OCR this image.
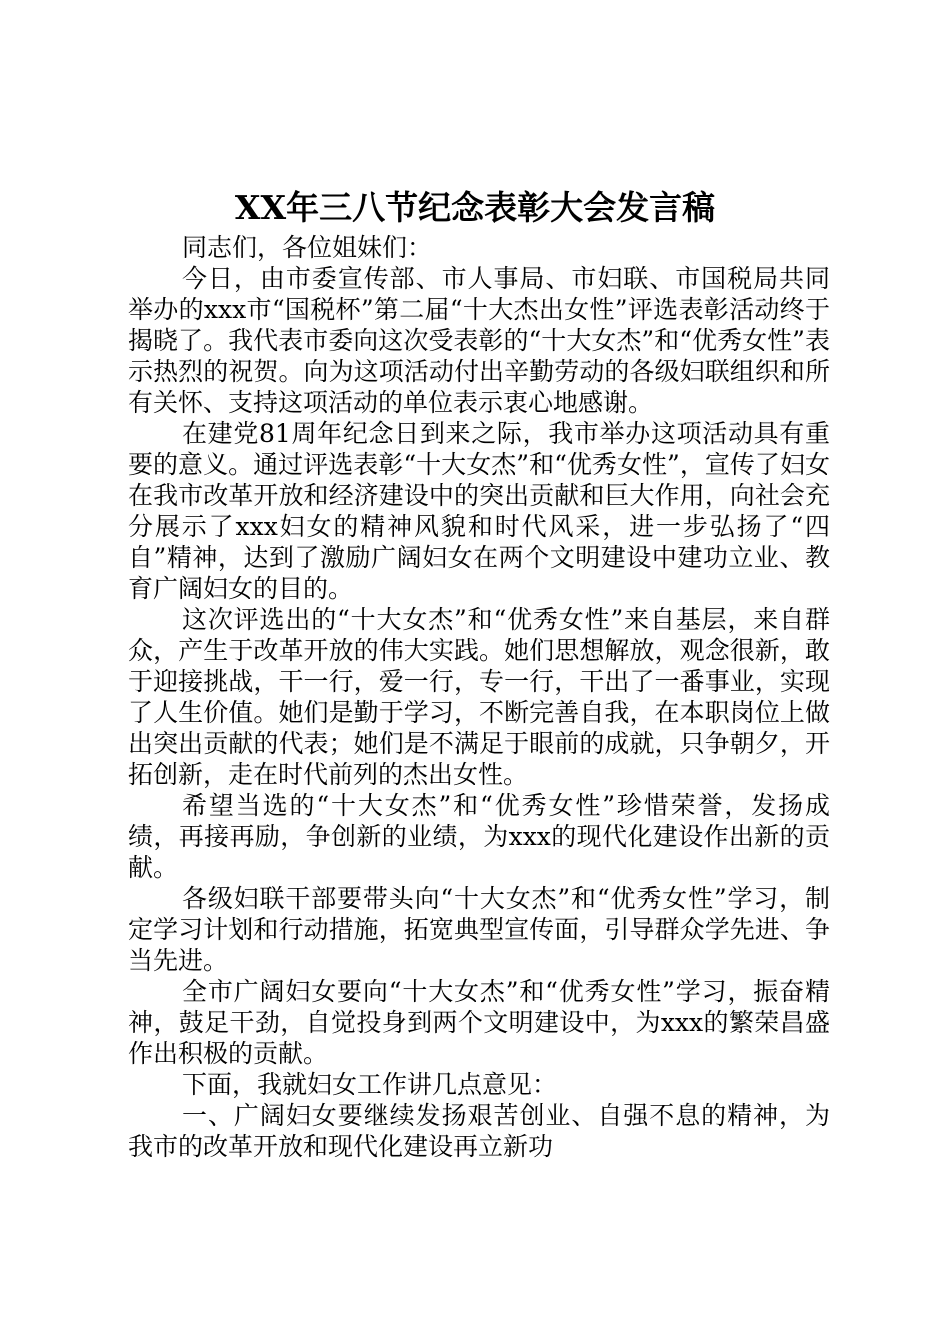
XX年三八节纪念表彰大会发言稿

同志们，各位姐妹们：

今日，由市委宣传部、市人事局、市妇联、市国税局共同举办的xxx市“国税杯”第二届“十大杰出女性”评选表彰活动终于揭晓了。我代表市委向这次受表彰的“十大女杰”和“优秀女性”表示热烈的祝贺。向为这项活动付出辛勤劳动的各级妇联组织和所有关怀、支持这项活动的单位表示衷心地感谢。

在建党81周年纪念日到来之际，我市举办这项活动具有重要的意义。通过评选表彰“十大女杰”和“优秀女性”，宣传了妇女在我市改革开放和经济建设中的突出贡献和巨大作用，向社会充分展示了xxx妇女的精神风貌和时代风采，进一步弘扬了“四自”精神，达到了激励广阔妇女在两个文明建设中建功立业、教育广阔妇女的目的。

这次评选出的“十大女杰”和“优秀女性”来自基层，来自群众，产生于改革开放的伟大实践。她们思想解放，观念很新，敢于迎接挑战，干一行，爱一行，专一行，干出了一番事业，实现了人生价值。她们是勤于学习，不断完善自我，在本职岗位上做出突出贡献的代表；她们是不满足于眼前的成就，只争朝夕，开拓创新，走在时代前列的杰出女性。

希望当选的“十大女杰”和“优秀女性”珍惜荣誉，发扬成绩，再接再励，争创新的业绩，为xxx的现代化建设作出新的贡献。

各级妇联干部要带头向“十大女杰”和“优秀女性”学习，制定学习计划和行动措施，拓宽典型宣传面，引导群众学先进、争当先进。

全市广阔妇女要向“十大女杰”和“优秀女性”学习，振奋精神，鼓足干劲，自觉投身到两个文明建设中，为xxx的繁荣昌盛作出积极的贡献。

下面，我就妇女工作讲几点意见：

一、广阔妇女要继续发扬艰苦创业、自强不息的精神，为我市的改革开放和现代化建设再立新功
